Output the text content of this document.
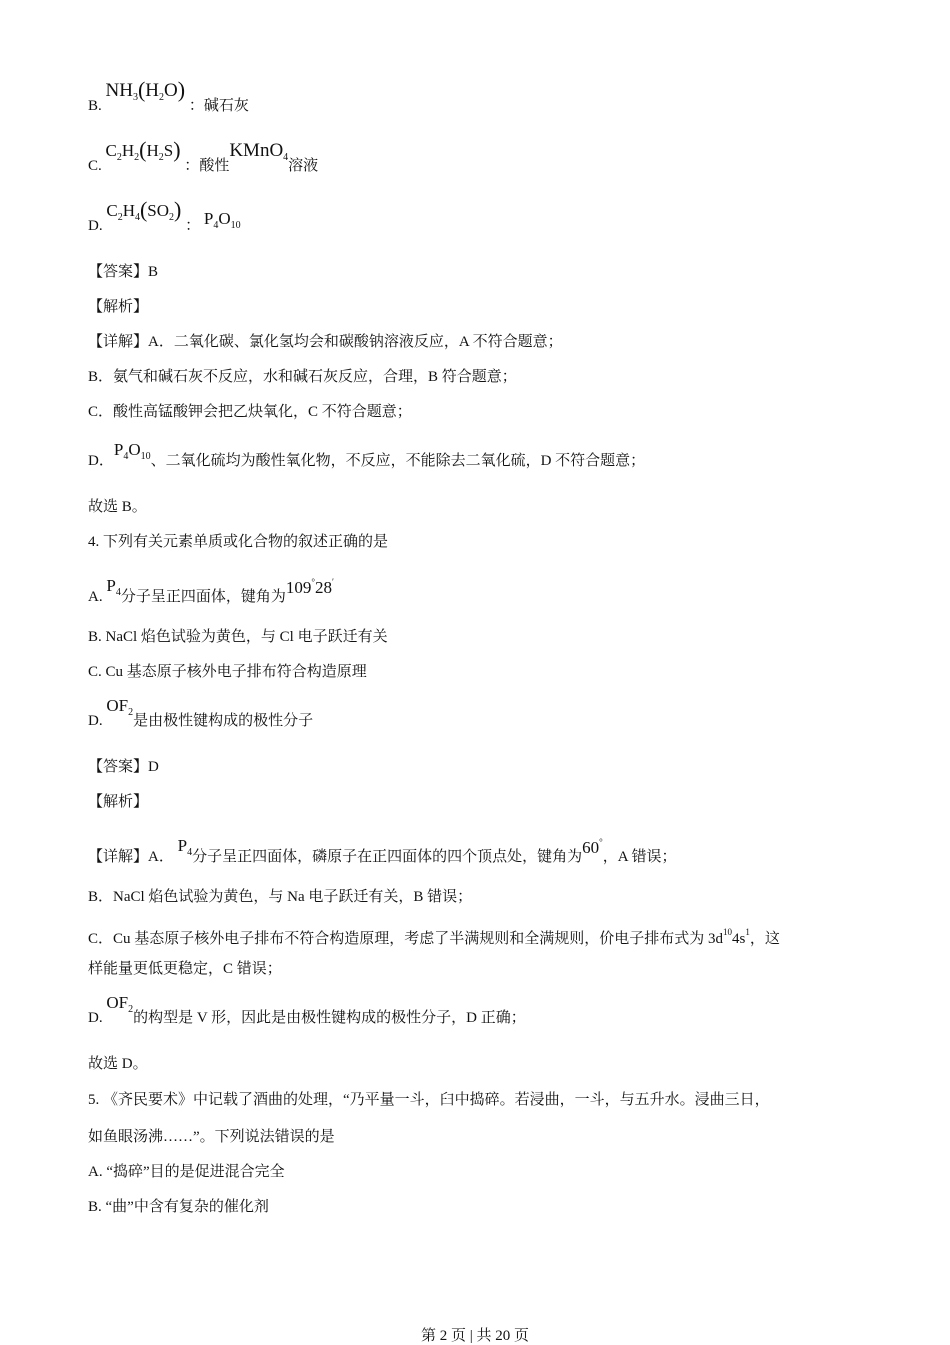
B. $NH_3(H_2O)$ ：碱石灰
C. $C_2H_2(H_2S)$ ：酸性KMnO$_4$溶液
D. $C_2H_4(SO_2)$ ： $P_4O_{10}$
【答案】B
【解析】
【详解】A．二氧化碳、氯化氢均会和碳酸钠溶液反应，A 不符合题意；
B．氨气和碱石灰不反应，水和碱石灰反应，合理，B 符合题意；
C．酸性高锰酸钾会把乙炔氧化，C 不符合题意；
D．$P_4O_{10}$、二氧化硫均为酸性氧化物，不反应，不能除去二氧化硫，D 不符合题意；
故选 B。
4. 下列有关元素单质或化合物的叙述正确的是
A. $P_4$分子呈正四面体，键角为109°28′
B. NaCl 焰色试验为黄色，与 Cl 电子跃迁有关
C. Cu 基态原子核外电子排布符合构造原理
D. $OF_2$是由极性键构成的极性分子
【答案】D
【解析】
【详解】A． $P_4$分子呈正四面体，磷原子在正四面体的四个顶点处，键角为60°，A 错误；
B．NaCl 焰色试验为黄色，与 Na 电子跃迁有关，B 错误；
C．Cu 基态原子核外电子排布不符合构造原理，考虑了半满规则和全满规则，价电子排布式为 $3d^{10}4s^1$，这
样能量更低更稳定，C 错误；
D. $OF_2$的构型是 V 形，因此是由极性键构成的极性分子，D 正确；
故选 D。
5. 《齐民要术》中记载了酒曲的处理，“乃平量一斗，臼中捣碎。若浸曲，一斗，与五升水。浸曲三日，
如鱼眼汤沸……”。下列说法错误的是
A. “捣碎”目的是促进混合完全
B. “曲”中含有复杂的催化剂
第 2 页 | 共 20 页
